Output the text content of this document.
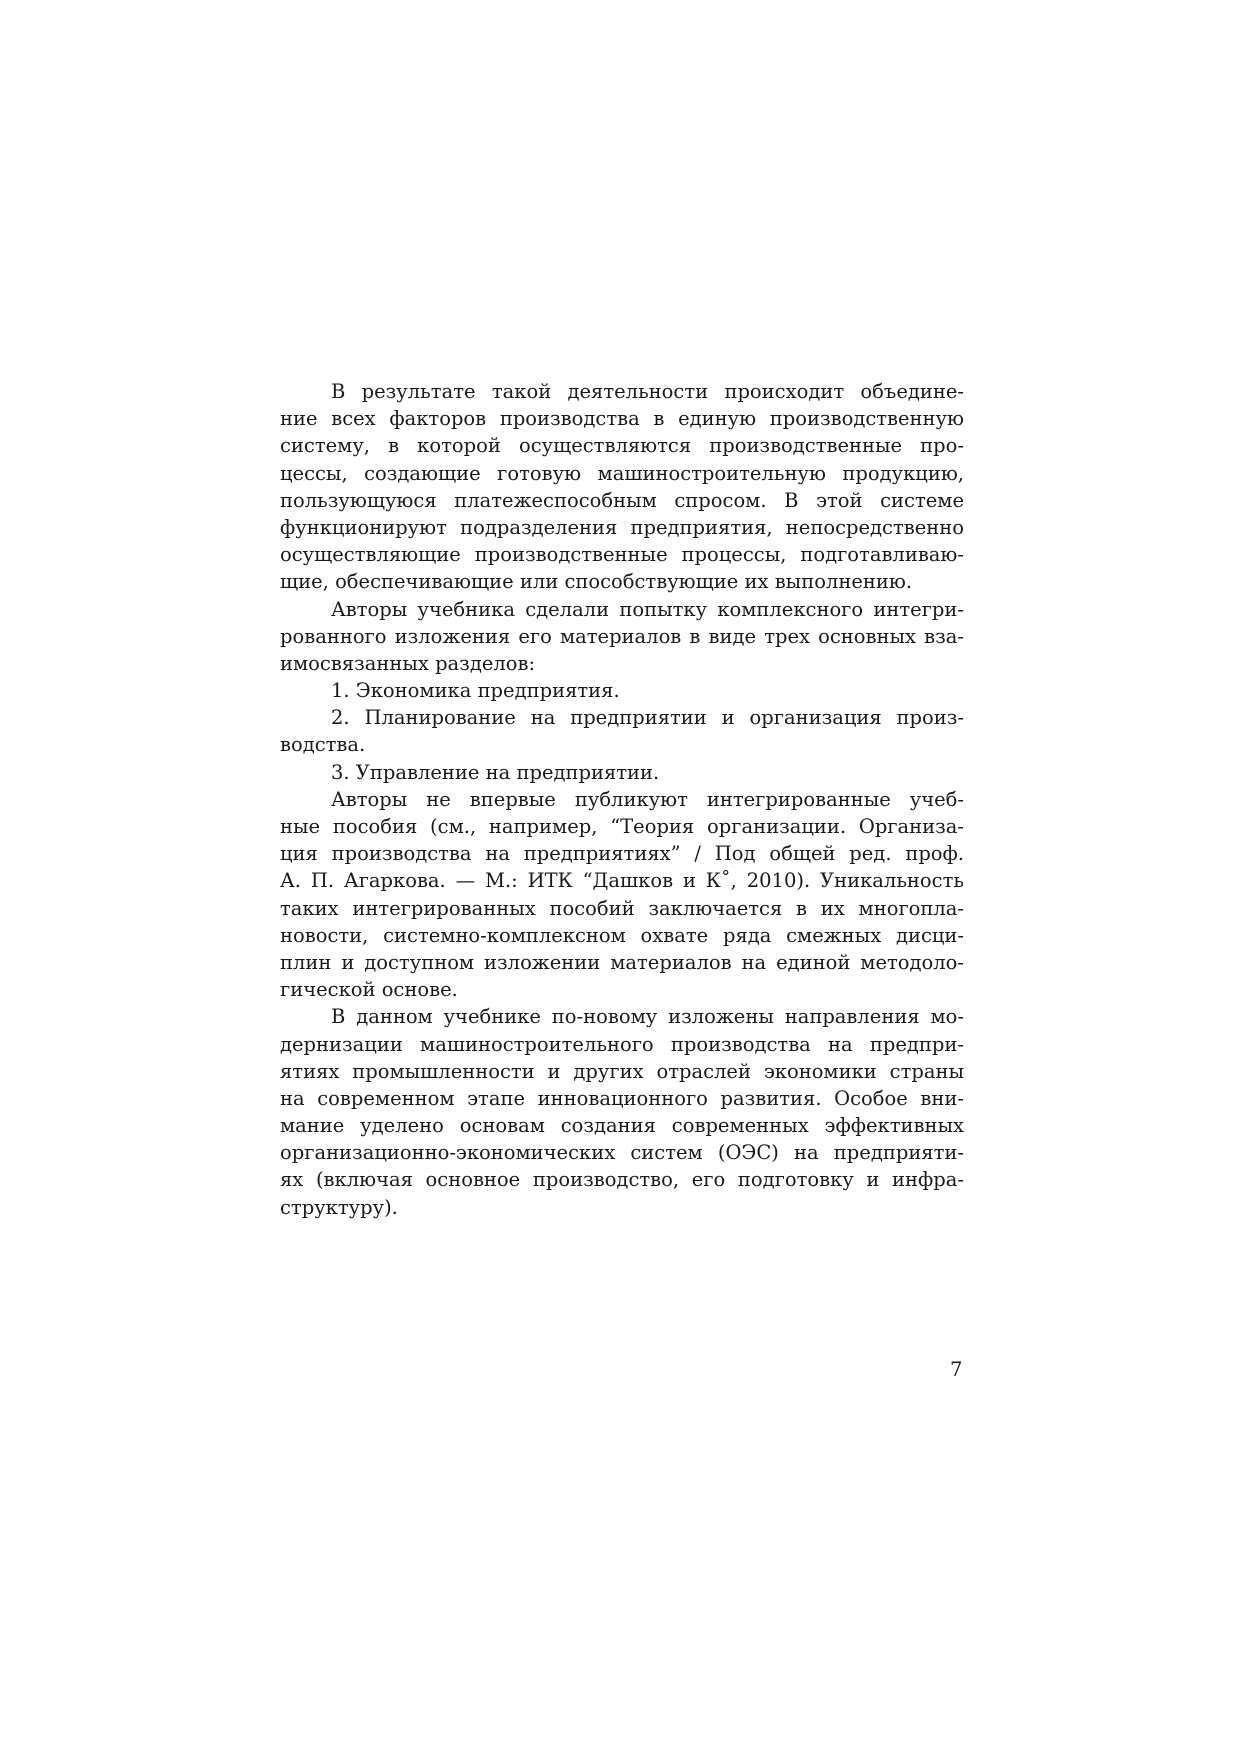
В результате такой деятельности происходит объедине-
ние всех факторов производства в единую производственную
систему, в которой осуществляются производственные про-
цессы, создающие готовую машиностроительную продукцию,
пользующуюся платежеспособным спросом. В этой системе
функционируют подразделения предприятия, непосредственно
осуществляющие производственные процессы, подготавливаю-
щие, обеспечивающие или способствующие их выполнению.
Авторы учебника сделали попытку комплексного интегри-
рованного изложения его материалов в виде трех основных вза-
имосвязанных разделов:
1. Экономика предприятия.
2. Планирование на предприятии и организация произ-
водства.
3. Управление на предприятии.
Авторы не впервые публикуют интегрированные учеб-
ные пособия (см., например, “Теория организации. Организа-
ция производства на предприятиях” / Под общей ред. проф.
А. П. Агаркова. — М.: ИТК “Дашков и К˚, 2010). Уникальность
таких интегрированных пособий заключается в их многопла-
новости, системно-комплексном охвате ряда смежных дисци-
плин и доступном изложении материалов на единой методоло-
гической основе.
В данном учебнике по-новому изложены направления мо-
дернизации машиностроительного производства на предпри-
ятиях промышленности и других отраслей экономики страны
на современном этапе инновационного развития. Особое вни-
мание уделено основам создания современных эффективных
организационно-экономических систем (ОЭС) на предприяти-
ях (включая основное производство, его подготовку и инфра-
структуру).
7
